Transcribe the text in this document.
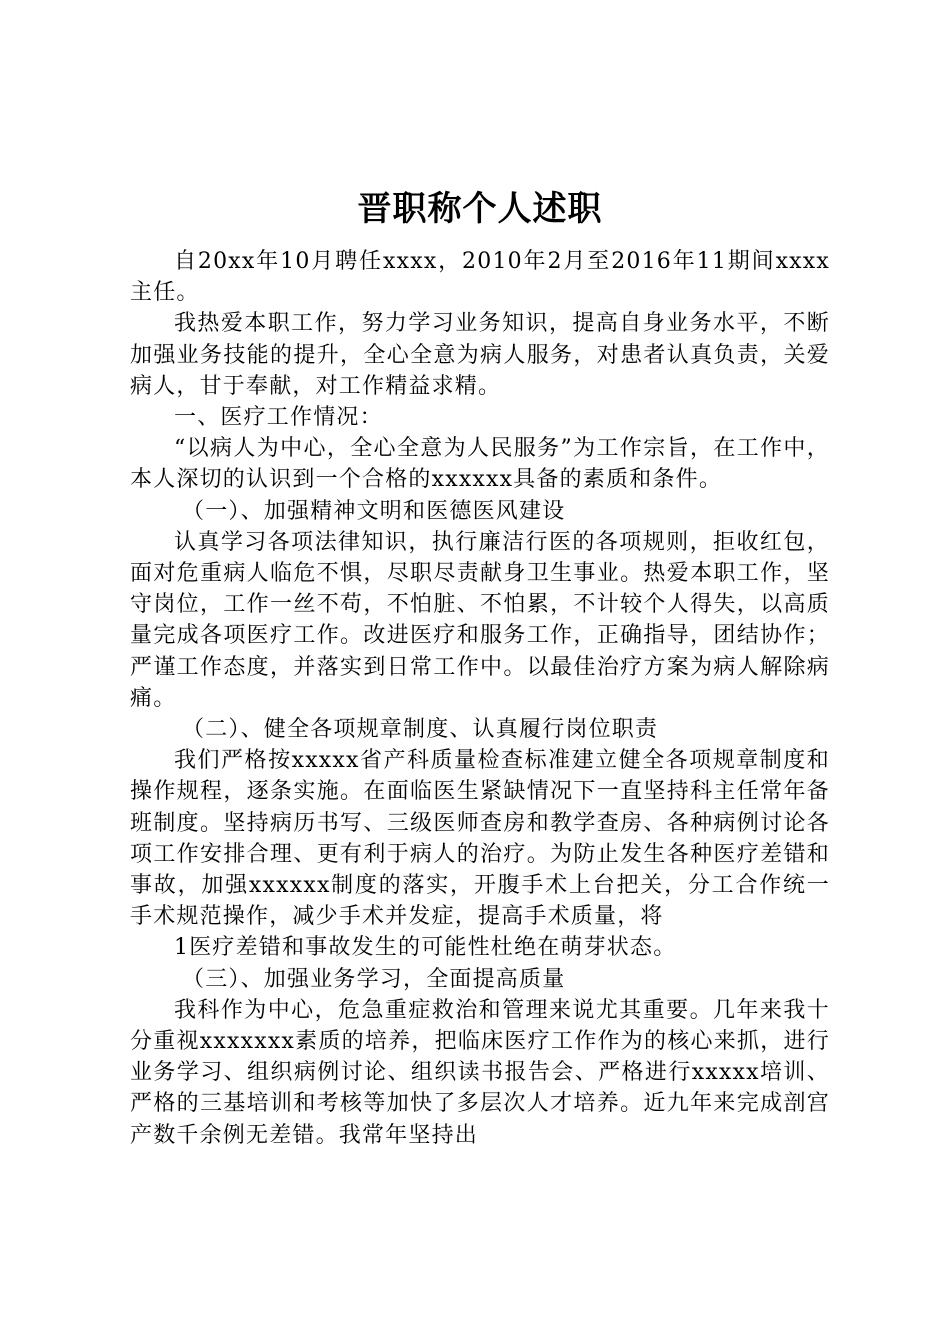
晋职称个人述职

自20xx年10月聘任xxxx，2010年2月至2016年11期间xxxx主任。

我热爱本职工作，努力学习业务知识，提高自身业务水平，不断加强业务技能的提升，全心全意为病人服务，对患者认真负责，关爱病人，甘于奉献，对工作精益求精。

一、医疗工作情况：

“以病人为中心，全心全意为人民服务”为工作宗旨，在工作中，本人深切的认识到一个合格的xxxxxx具备的素质和条件。

（一）、加强精神文明和医德医风建设

认真学习各项法律知识，执行廉洁行医的各项规则，拒收红包，面对危重病人临危不惧，尽职尽责献身卫生事业。热爱本职工作，坚守岗位，工作一丝不苟，不怕脏、不怕累，不计较个人得失，以高质量完成各项医疗工作。改进医疗和服务工作，正确指导，团结协作；严谨工作态度，并落实到日常工作中。以最佳治疗方案为病人解除病痛。

（二）、健全各项规章制度、认真履行岗位职责

我们严格按xxxxx省产科质量检查标准建立健全各项规章制度和操作规程，逐条实施。在面临医生紧缺情况下一直坚持科主任常年备班制度。坚持病历书写、三级医师查房和教学查房、各种病例讨论各项工作安排合理、更有利于病人的治疗。为防止发生各种医疗差错和事故，加强xxxxxx制度的落实，开腹手术上台把关，分工合作统一手术规范操作，减少手术并发症，提高手术质量，将

1医疗差错和事故发生的可能性杜绝在萌芽状态。

（三）、加强业务学习，全面提高质量

我科作为中心，危急重症救治和管理来说尤其重要。几年来我十分重视xxxxxxx素质的培养，把临床医疗工作作为的核心来抓，进行业务学习、组织病例讨论、组织读书报告会、严格进行xxxxx培训、严格的三基培训和考核等加快了多层次人才培养。近九年来完成剖宫产数千余例无差错。我常年坚持出
